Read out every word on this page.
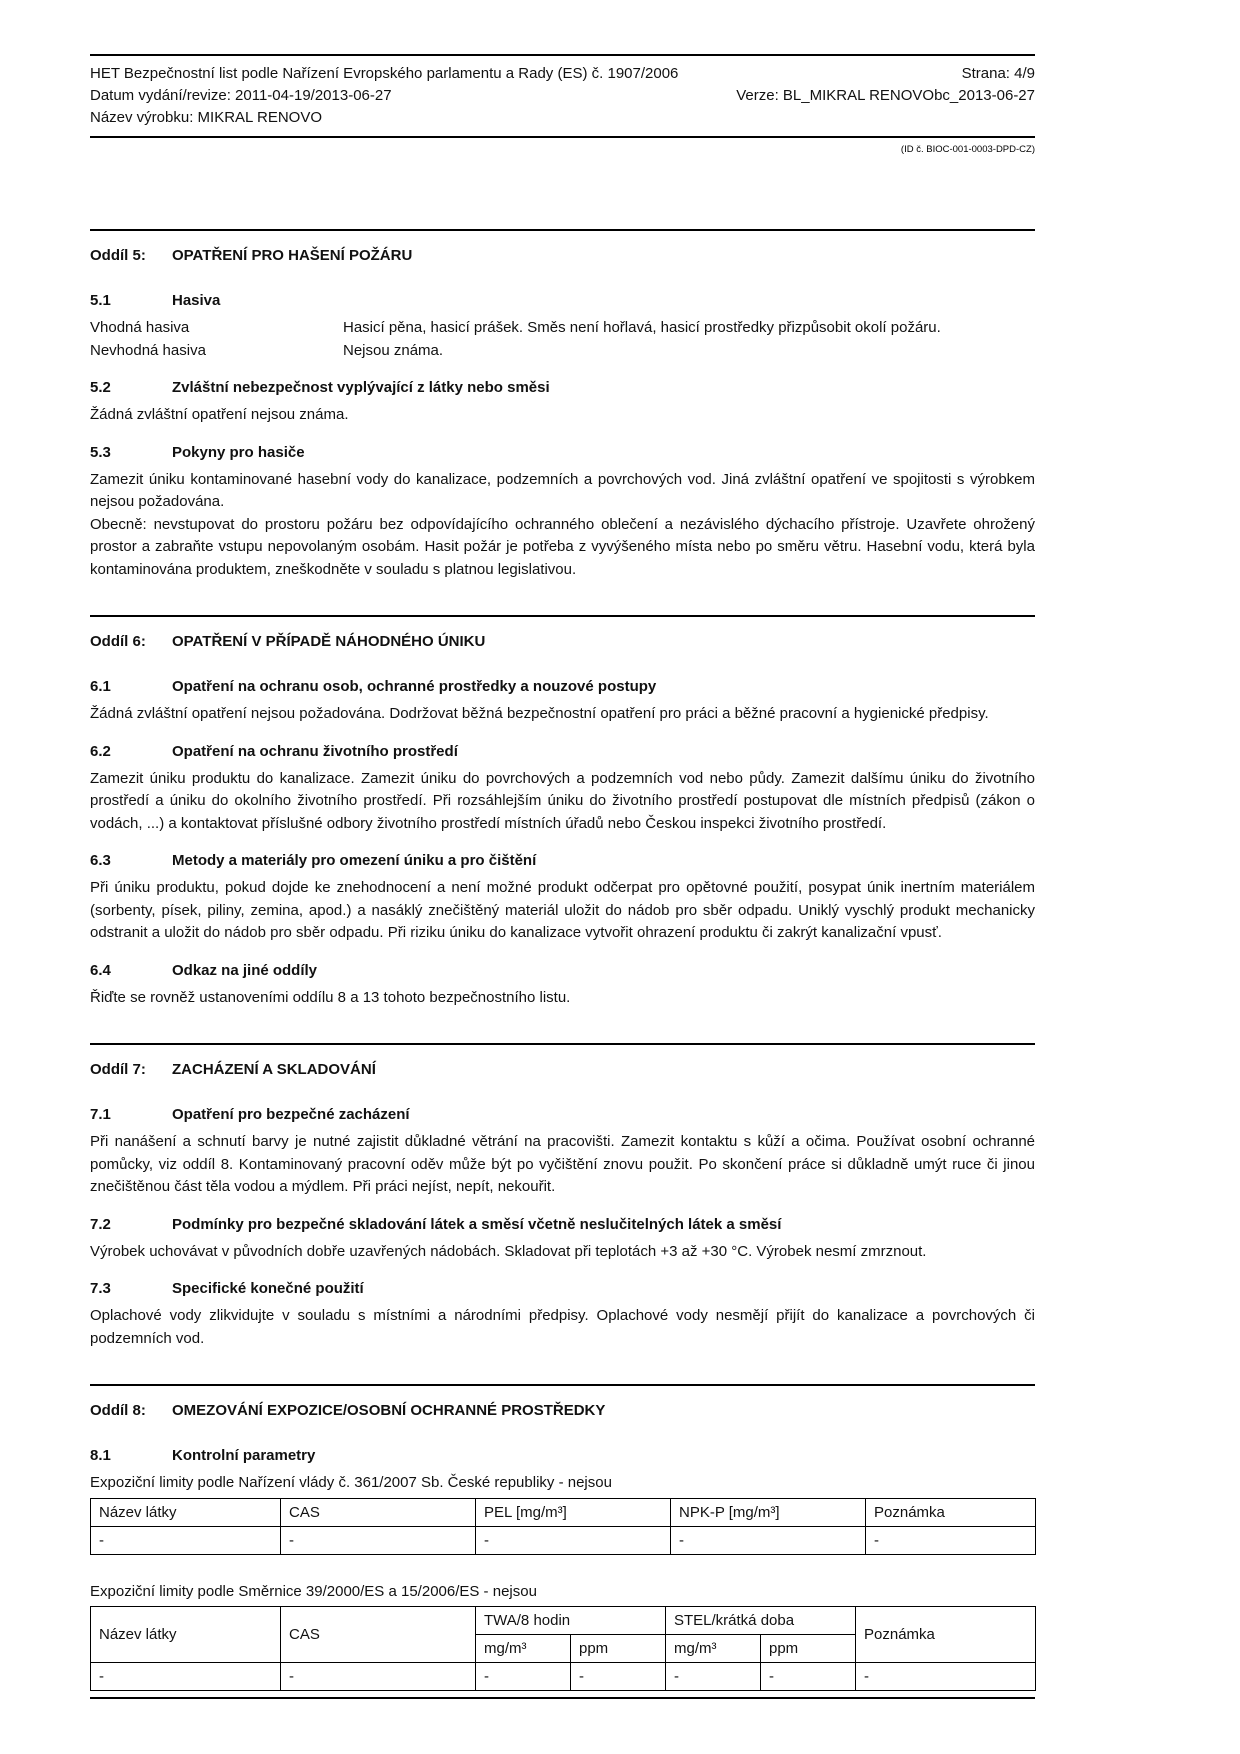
HET Bezpečnostní list podle Nařízení Evropského parlamentu a Rady (ES) č. 1907/2006	Strana: 4/9
Datum vydání/revize: 2011-04-19/2013-06-27	Verze: BL_MIKRAL RENOVObc_2013-06-27
Název výrobku: MIKRAL RENOVO
(ID č. BIOC-001-0003-DPD-CZ)
Oddíl 5:	OPATŘENÍ PRO HAŠENÍ POŽÁRU
5.1	Hasiva
Vhodná hasiva	Hasicí pěna, hasicí prášek. Směs není hořlavá, hasicí prostředky přizpůsobit okolí požáru.
Nevhodná hasiva	Nejsou známa.
5.2	Zvláštní nebezpečnost vyplývající z látky nebo směsi

Žádná zvláštní opatření nejsou známa.

5.3	Pokyny pro hasiče

Zamezit úniku kontaminované hasební vody do kanalizace, podzemních a povrchových vod. Jiná zvláštní opatření ve spojitosti s výrobkem nejsou požadována.

Obecně: nevstupovat do prostoru požáru bez odpovídajícího ochranného oblečení a nezávislého dýchacího přístroje. Uzavřete ohrožený prostor a zabraňte vstupu nepovolaným osobám. Hasit požár je potřeba z vyvýšeného místa nebo po směru větru. Hasební vodu, která byla kontaminována produktem, zneškodněte v souladu s platnou legislativou.

Oddíl 6:	OPATŘENÍ V PŘÍPADĚ NÁHODNÉHO ÚNIKU
6.1	Opatření na ochranu osob, ochranné prostředky a nouzové postupy

Žádná zvláštní opatření nejsou požadována. Dodržovat běžná bezpečnostní opatření pro práci a běžné pracovní a hygienické předpisy.

6.2	Opatření na ochranu životního prostředí

Zamezit úniku produktu do kanalizace. Zamezit úniku do povrchových a podzemních vod nebo půdy. Zamezit dalšímu úniku do životního prostředí a úniku do okolního životního prostředí. Při rozsáhlejším úniku do životního prostředí postupovat dle místních předpisů (zákon o vodách, ...) a kontaktovat příslušné odbory životního prostředí místních úřadů nebo Českou inspekci životního prostředí.

6.3	Metody a materiály pro omezení úniku a pro čištění

Při úniku produktu, pokud dojde ke znehodnocení a není možné produkt odčerpat pro opětovné použití, posypat únik inertním materiálem (sorbenty, písek, piliny, zemina, apod.) a nasáklý znečištěný materiál uložit do nádob pro sběr odpadu. Uniklý vyschlý produkt mechanicky odstranit a uložit do nádob pro sběr odpadu. Při riziku úniku do kanalizace vytvořit ohrazení produktu či zakrýt kanalizační vpusť.

6.4	Odkaz na jiné oddíly

Řiďte se rovněž ustanoveními oddílu 8 a 13 tohoto bezpečnostního listu.

Oddíl 7:	ZACHÁZENÍ A SKLADOVÁNÍ
7.1	Opatření pro bezpečné zacházení

Při nanášení a schnutí barvy je nutné zajistit důkladné větrání na pracovišti. Zamezit kontaktu s kůží a očima. Používat osobní ochranné pomůcky, viz oddíl 8. Kontaminovaný pracovní oděv může být po vyčištění znovu použit. Po skončení práce si důkladně umýt ruce či jinou znečištěnou část těla vodou a mýdlem. Při práci nejíst, nepít, nekouřit.

7.2	Podmínky pro bezpečné skladování látek a směsí včetně neslučitelných látek a směsí

Výrobek uchovávat v původních dobře uzavřených nádobách. Skladovat při teplotách +3 až +30 °C. Výrobek nesmí zmrznout.

7.3	Specifické konečné použití

Oplachové vody zlikvidujte v souladu s místními a národními předpisy. Oplachové vody nesmějí přijít do kanalizace a povrchových či podzemních vod.

Oddíl 8:	OMEZOVÁNÍ EXPOZICE/OSOBNÍ OCHRANNÉ PROSTŘEDKY
8.1	Kontrolní parametry
Expoziční limity podle Nařízení vlády č. 361/2007 Sb. České republiky - nejsou
Název látky	CAS	PEL [mg/m³]	NPK-P [mg/m³]	Poznámka
-	-	-	-	-
Expoziční limity podle Směrnice 39/2000/ES a 15/2006/ES - nejsou
Název látky	CAS	TWA/8 hodin		STEL/krátká doba		Poznámka
		mg/m³	ppm	mg/m³	ppm	
-	-	-	-	-	-	-
